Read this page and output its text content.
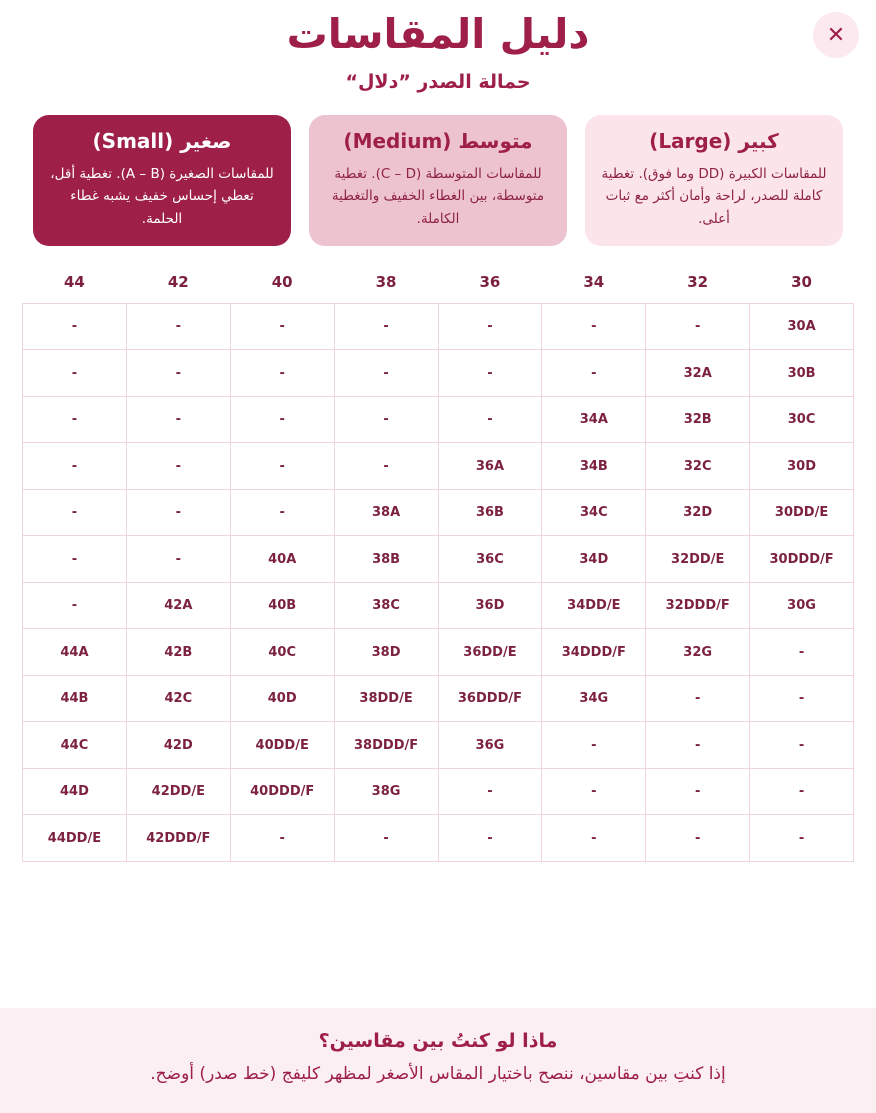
✕
دليل المقاسات
حمالة الصدر ”دلال“
صغير (Small)
للمقاسات الصغيرة (A – B). تغطية أقل، تعطي إحساس خفيف يشبه غطاء الحلمة.
متوسط (Medium)
للمقاسات المتوسطة (C – D). تغطية متوسطة، بين الغطاء الخفيف والتغطية الكاملة.
كبير (Large)
للمقاسات الكبيرة (DD وما فوق). تغطية كاملة للصدر، لراحة وأمان أكثر مع ثبات أعلى.
30	32	34	36	38	40	42	44
30A	-	-	-	-	-	-	-
30B	32A	-	-	-	-	-	-
30C	32B	34A	-	-	-	-	-
30D	32C	34B	36A	-	-	-	-
30DD/E	32D	34C	36B	38A	-	-	-
30DDD/F	32DD/E	34D	36C	38B	40A	-	-
30G	32DDD/F	34DD/E	36D	38C	40B	42A	-
-	32G	34DDD/F	36DD/E	38D	40C	42B	44A
-	-	34G	36DDD/F	38DD/E	40D	42C	44B
-	-	-	36G	38DDD/F	40DD/E	42D	44C
-	-	-	-	38G	40DDD/F	42DD/E	44D
-	-	-	-	-	-	42DDD/F	44DD/E
ماذا لو كنتُ بين مقاسين؟
إذا كنتِ بين مقاسين، ننصح باختيار المقاس الأصغر لمظهر كليفج (خط صدر) أوضح.
